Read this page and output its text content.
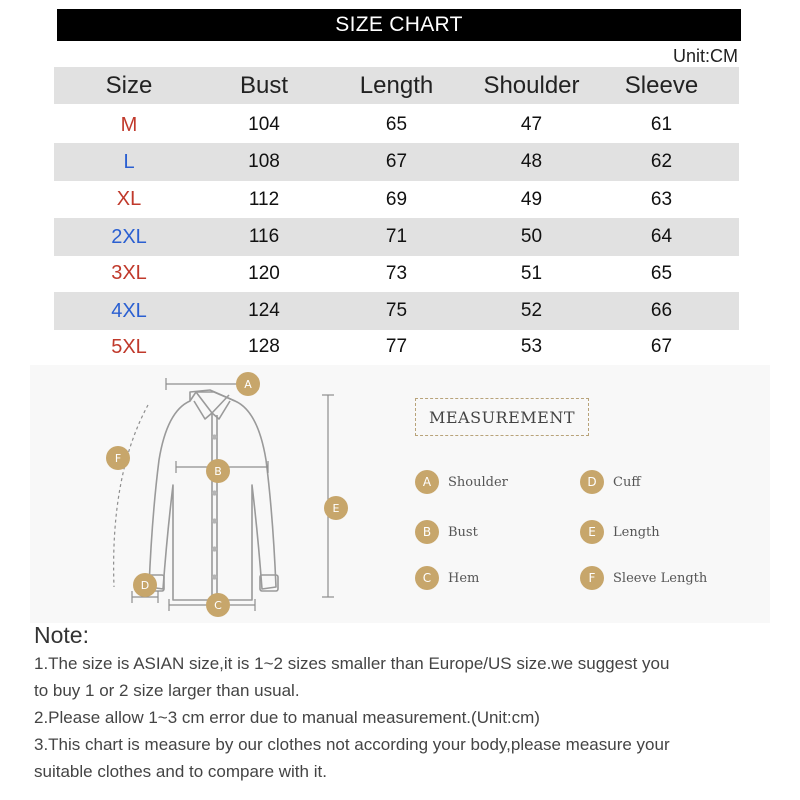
SIZE CHART
Unit:CM
Size	Bust	Length	Shoulder	Sleeve
M	104	65	47	61
L	108	67	48	62
XL	112	69	49	63
2XL	116	71	50	64
3XL	120	73	51	65
4XL	124	75	52	66
5XL	128	77	53	67
A
B
C
D
E
F
MEASUREMENT
A	Shoulder
B	Bust
C	Hem
D	Cuff
E	Length
F	Sleeve Length
Note:
1.The size is ASIAN size,it is 1~2 sizes smaller than Europe/US size.we suggest you
to buy 1 or 2 size larger than usual.
2.Please allow 1~3 cm error due to manual measurement.(Unit:cm)
3.This chart is measure by our clothes not according your body,please measure your
suitable clothes and to compare with it.
